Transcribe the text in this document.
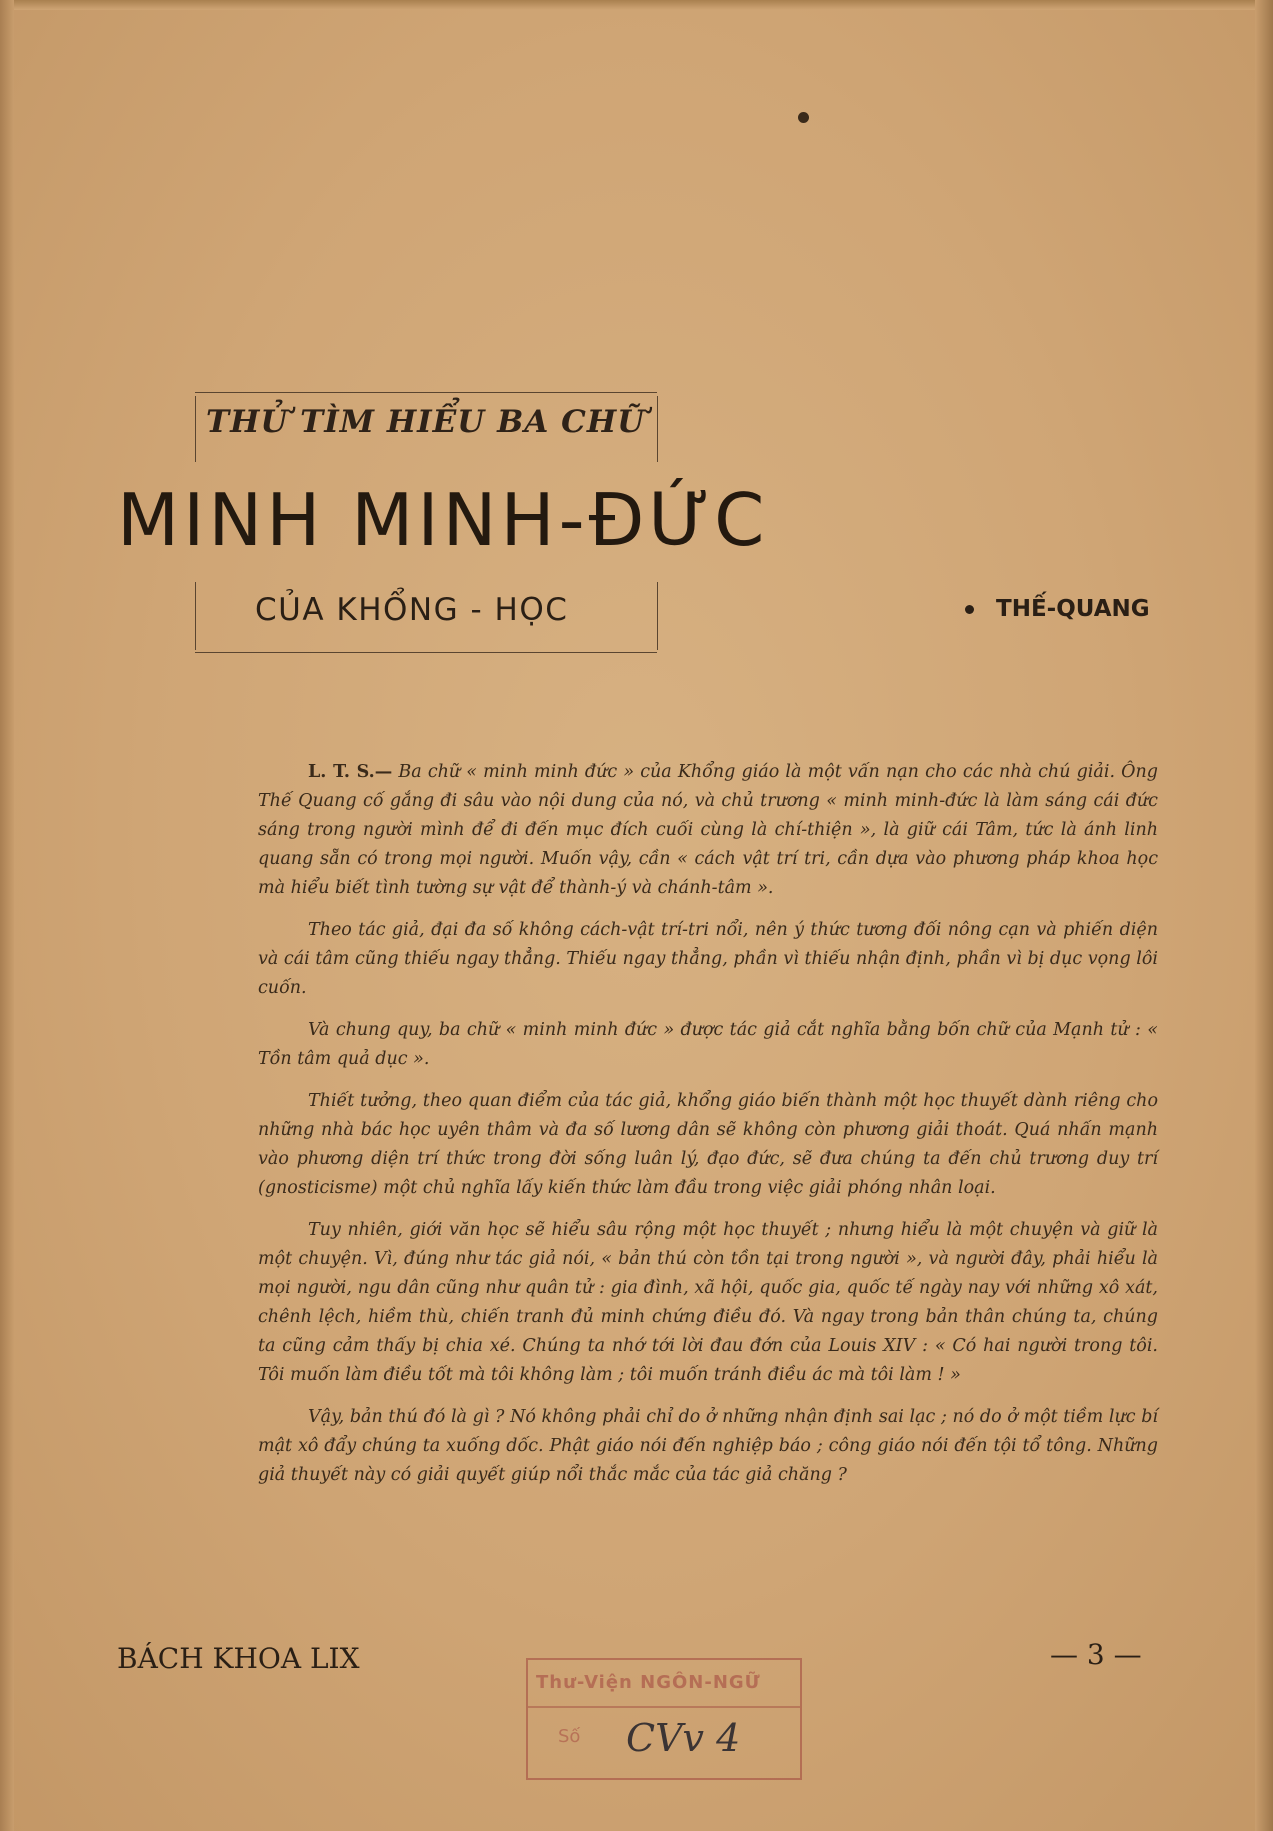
THỬ TÌM HIỂU BA CHỮ
MINH MINH-ĐỨC
CỦA KHỔNG - HỌC	THẾ-QUANG

L. T. S.— Ba chữ « minh minh đức » của Khổng giáo là một vấn nạn cho các nhà chú giải. Ông Thế Quang cố gắng đi sâu vào nội dung của nó, và chủ trương « minh minh-đức là làm sáng cái đức sáng trong người mình để đi đến mục đích cuối cùng là chí-thiện », là giữ cái Tâm, tức là ánh linh quang sẵn có trong mọi người. Muốn vậy, cần « cách vật trí tri, cần dựa vào phương pháp khoa học mà hiểu biết tình tường sự vật để thành-ý và chánh-tâm ».

Theo tác giả, đại đa số không cách-vật trí-tri nổi, nên ý thức tương đối nông cạn và phiến diện và cái tâm cũng thiếu ngay thẳng. Thiếu ngay thẳng, phần vì thiếu nhận định, phần vì bị dục vọng lôi cuốn.

Và chung quy, ba chữ « minh minh đức » được tác giả cắt nghĩa bằng bốn chữ của Mạnh tử : « Tồn tâm quả dục ».

Thiết tưởng, theo quan điểm của tác giả, khổng giáo biến thành một học thuyết dành riêng cho những nhà bác học uyên thâm và đa số lương dân sẽ không còn phương giải thoát. Quá nhấn mạnh vào phương diện trí thức trong đời sống luân lý, đạo đức, sẽ đưa chúng ta đến chủ trương duy trí (gnosticisme) một chủ nghĩa lấy kiến thức làm đầu trong việc giải phóng nhân loại.

Tuy nhiên, giới văn học sẽ hiểu sâu rộng một học thuyết ; nhưng hiểu là một chuyện và giữ là một chuyện. Vì, đúng như tác giả nói, « bản thú còn tồn tại trong người », và người đây, phải hiểu là mọi người, ngu dân cũng như quân tử : gia đình, xã hội, quốc gia, quốc tế ngày nay với những xô xát, chênh lệch, hiềm thù, chiến tranh đủ minh chứng điều đó. Và ngay trong bản thân chúng ta, chúng ta cũng cảm thấy bị chia xé. Chúng ta nhớ tới lời đau đớn của Louis XIV : « Có hai người trong tôi. Tôi muốn làm điều tốt mà tôi không làm ; tôi muốn tránh điều ác mà tôi làm ! »

Vậy, bản thú đó là gì ? Nó không phải chỉ do ở những nhận định sai lạc ; nó do ở một tiềm lực bí mật xô đẩy chúng ta xuống dốc. Phật giáo nói đến nghiệp báo ; công giáo nói đến tội tổ tông. Những giả thuyết này có giải quyết giúp nổi thắc mắc của tác giả chăng ?

BÁCH KHOA LIX	— 3 —
Thư-Viện NGÔN-NGỮ
Số CVv 4
